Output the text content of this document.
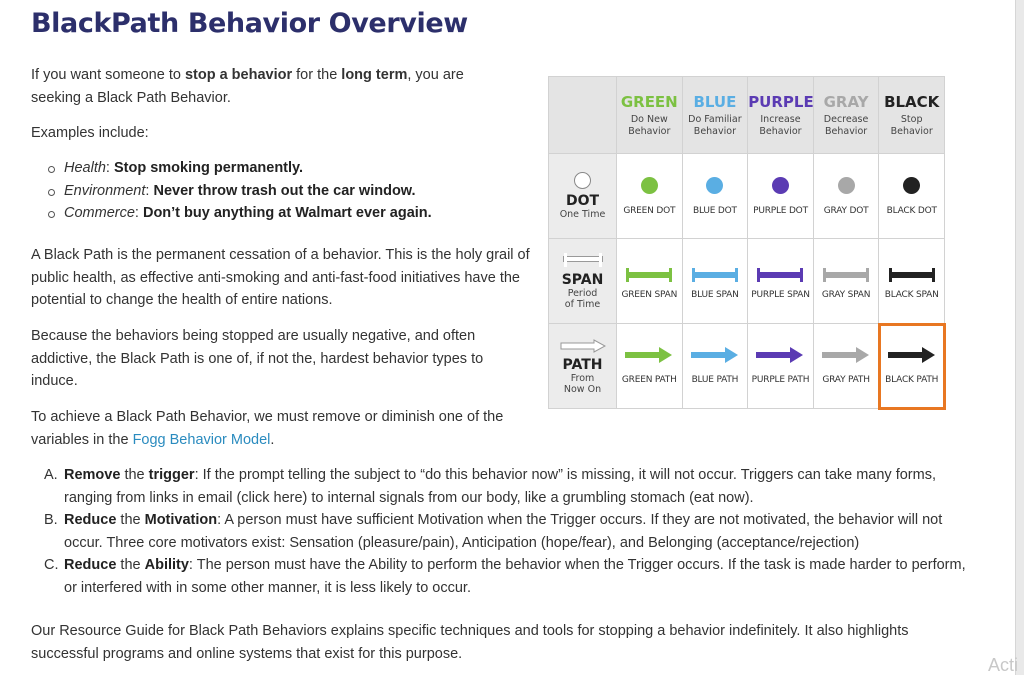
BlackPath Behavior Overview

If you want someone to stop a behavior for the long term, you are seeking a Black Path Behavior.

Examples include:

Health: Stop smoking permanently.
Environment: Never throw trash out the car window.
Commerce: Don’t buy anything at Walmart ever again.

A Black Path is the permanent cessation of a behavior. This is the holy grail of public health, as effective anti-smoking and anti-fast-food initiatives have the potential to change the health of entire nations.

Because the behaviors being stopped are usually negative, and often addictive, the Black Path is one of, if not the, hardest behavior types to induce.

To achieve a Black Path Behavior, we must remove or diminish one of the variables in the Fogg Behavior Model.

A. Remove the trigger: If the prompt telling the subject to “do this behavior now” is missing, it will not occur. Triggers can take many forms, ranging from links in email (click here) to internal signals from our body, like a grumbling stomach (eat now).
B. Reduce the Motivation: A person must have sufficient Motivation when the Trigger occurs. If they are not motivated, the behavior will not occur. Three core motivators exist: Sensation (pleasure/pain), Anticipation (hope/fear), and Belonging (acceptance/rejection)
C. Reduce the Ability: The person must have the Ability to perform the behavior when the Trigger occurs. If the task is made harder to perform, or interfered with in some other manner, it is less likely to occur.

Our Resource Guide for Black Path Behaviors explains specific techniques and tools for stopping a behavior indefinitely. It also highlights successful programs and online systems that exist for this purpose.

Acti

	GREEN
Do New
Behavior	BLUE
Do Familiar
Behavior	PURPLE
Increase
Behavior	GRAY
Decrease
Behavior	BLACK
Stop
Behavior

DOT
One Time	GREEN DOT	BLUE DOT	PURPLE DOT	GRAY DOT	BLACK DOT

SPAN
Period
of Time	GREEN SPAN	BLUE SPAN	PURPLE SPAN	GRAY SPAN	BLACK SPAN

PATH
From
Now On	GREEN PATH	BLUE PATH	PURPLE PATH	GRAY PATH	BLACK PATH
